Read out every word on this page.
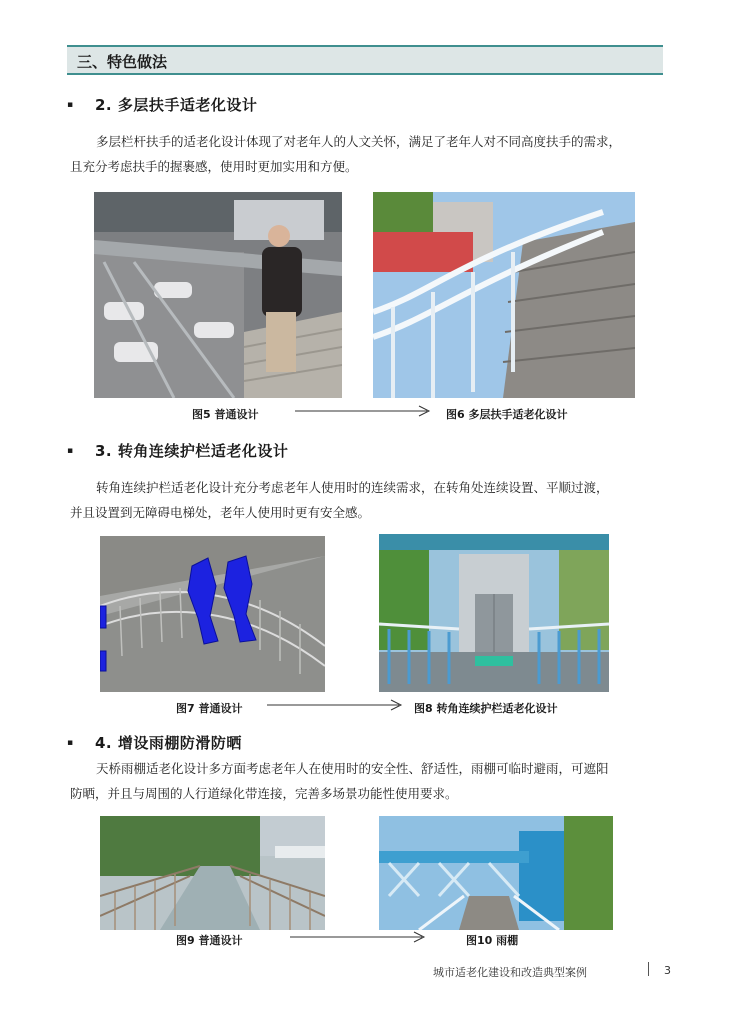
三、特色做法
▪ 2. 多层扶手适老化设计

多层栏杆扶手的适老化设计体现了对老年人的人文关怀，满足了老年人对不同高度扶手的需求，
且充分考虑扶手的握裹感，使用时更加实用和方便。

图5 普通设计	图6 多层扶手适老化设计
▪ 3. 转角连续护栏适老化设计

转角连续护栏适老化设计充分考虑老年人使用时的连续需求，在转角处连续设置、平顺过渡，
并且设置到无障碍电梯处，老年人使用时更有安全感。

图7 普通设计	图8 转角连续护栏适老化设计
▪ 4. 增设雨棚防滑防晒

天桥雨棚适老化设计多方面考虑老年人在使用时的安全性、舒适性，雨棚可临时避雨，可遮阳
防晒，并且与周围的人行道绿化带连接，完善多场景功能性使用要求。

图9 普通设计	图10 雨棚
城市适老化建设和改造典型案例	3
